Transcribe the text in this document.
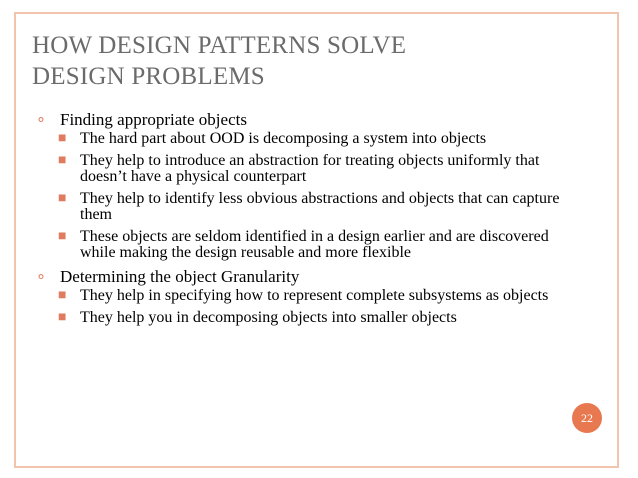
HOW DESIGN PATTERNS SOLVE
DESIGN PROBLEMS
∘ Finding appropriate objects
■ The hard part about OOD is decomposing a system into objects
■ They help to introduce an abstraction for treating objects uniformly that doesn’t have a physical counterpart
■ They help to identify less obvious abstractions and objects that can capture them
■ These objects are seldom identified in a design earlier and are discovered while making the design reusable and more flexible
∘ Determining the object Granularity
■ They help in specifying how to represent complete subsystems as objects
■ They help you in decomposing objects into smaller objects
22
